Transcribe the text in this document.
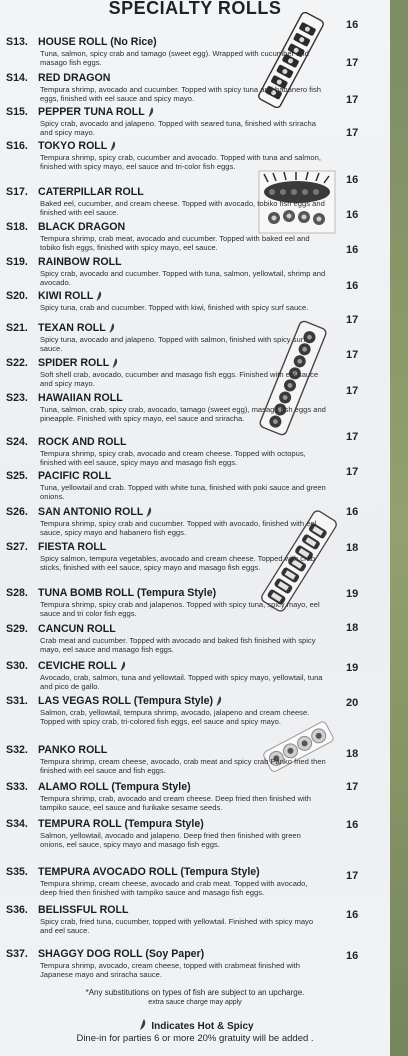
SPECIALTY ROLLS
S13. HOUSE ROLL (No Rice)
Tuna, salmon, spicy crab and tamago (sweet egg). Wrapped with cucumber and masago fish eggs.
16
S14. RED DRAGON
Tempura shrimp, avocado and cucumber. Topped with spicy tuna and habanero fish eggs, finished with eel sauce and spicy mayo.
17
S15. PEPPER TUNA ROLL
Spicy crab, avocado and jalapeno. Topped with seared tuna, finished with sriracha and spicy mayo.
17
S16. TOKYO ROLL
Tempura shrimp, spicy crab, cucumber and avocado. Topped with tuna and salmon, finished with spicy mayo, eel sauce and tri-color fish eggs.
17
S17. CATERPILLAR ROLL
Baked eel, cucumber, and cream cheese. Topped with avocado, tobiko fish eggs and finished with eel sauce.
16
S18. BLACK DRAGON
Tempura shrimp, crab meat, avocado and cucumber. Topped with baked eel and tobiko fish eggs, finished with spicy mayo, eel sauce.
16
S19. RAINBOW ROLL
Spicy crab, avocado and cucumber. Topped with tuna, salmon, yellowtail, shrimp and avocado.
16
S20. KIWI ROLL
Spicy tuna, crab and cucumber. Topped with kiwi, finished with spicy surf sauce.
16
S21. TEXAN ROLL
Spicy tuna, avocado and jalapeno. Topped with salmon, finished with spicy surf sauce.
17
S22. SPIDER ROLL
Soft shell crab, avocado, cucumber and masago fish eggs. Finished with eel sauce and spicy mayo.
17
S23. HAWAIIAN ROLL
Tuna, salmon, crab, spicy crab, avocado, tamago (sweet egg), masago fish eggs and pineapple. Finished with spicy mayo, eel sauce and sriracha.
17
S24. ROCK AND ROLL
Tempura shrimp, spicy crab, avocado and cream cheese. Topped with octopus, finished with eel sauce, spicy mayo and masago fish eggs.
17
S25. PACIFIC ROLL
Tuna, yellowtail and crab. Topped with white tuna, finished with poki sauce and green onions.
17
S26. SAN ANTONIO ROLL
Tempura shrimp, spicy crab and cucumber. Topped with avocado, finished with eel sauce, spicy mayo and habanero fish eggs.
16
S27. FIESTA ROLL
Spicy salmon, tempura vegetables, avocado and cream cheese. Topped with crab sticks, finished with eel sauce, spicy mayo and masago fish eggs.
18
S28. TUNA BOMB ROLL (Tempura Style)
Tempura shrimp, spicy crab and jalapenos. Topped with spicy tuna, spicy mayo, eel sauce and tri color fish eggs.
19
S29. CANCUN ROLL
Crab meat and cucumber. Topped with avocado and baked fish finished with spicy mayo, eel sauce and masago fish eggs.
18
S30. CEVICHE ROLL
Avocado, crab, salmon, tuna and yellowtail. Topped with spicy mayo, yellowtail, tuna and pico de gallo.
19
S31. LAS VEGAS ROLL (Tempura Style)
Salmon, crab, yellowtail, tempura shrimp, avocado, jalapeno and cream cheese. Topped with spicy crab, tri-colored fish eggs, eel sauce and spicy mayo.
20
S32. PANKO ROLL
Tempura shrimp, cream cheese, avocado, crab meat and spicy crab Panko fried then finished with eel sauce and fish eggs.
18
S33. ALAMO ROLL (Tempura Style)
Tempura shrimp, crab, avocado and cream cheese. Deep fried then finished with tampiko sauce, eel sauce and furikake sesame seeds.
17
S34. TEMPURA ROLL (Tempura Style)
Salmon, yellowtail, avocado and jalapeno. Deep fried then finished with green onions, eel sauce, spicy mayo and masago fish eggs.
16
S35. TEMPURA AVOCADO ROLL (Tempura Style)
Tempura shrimp, cream cheese, avocado and crab meat. Topped with avocado, deep fried then finished with tampiko sauce and masago fish eggs.
17
S36. BELISSFUL ROLL
Spicy crab, fried tuna, cucumber, topped with yellowtail. Finished with spicy mayo and eel sauce.
16
S37. SHAGGY DOG ROLL (Soy Paper)
Tempura shrimp, avocado, cream cheese, topped with crabmeat finished with Japanese mayo and sriracha sauce.
16
*Any substitutions on types of fish are subject to an upcharge.
extra sauce charge may apply
Indicates Hot & Spicy
Dine-in for parties 6 or more 20% gratuity will be added .
